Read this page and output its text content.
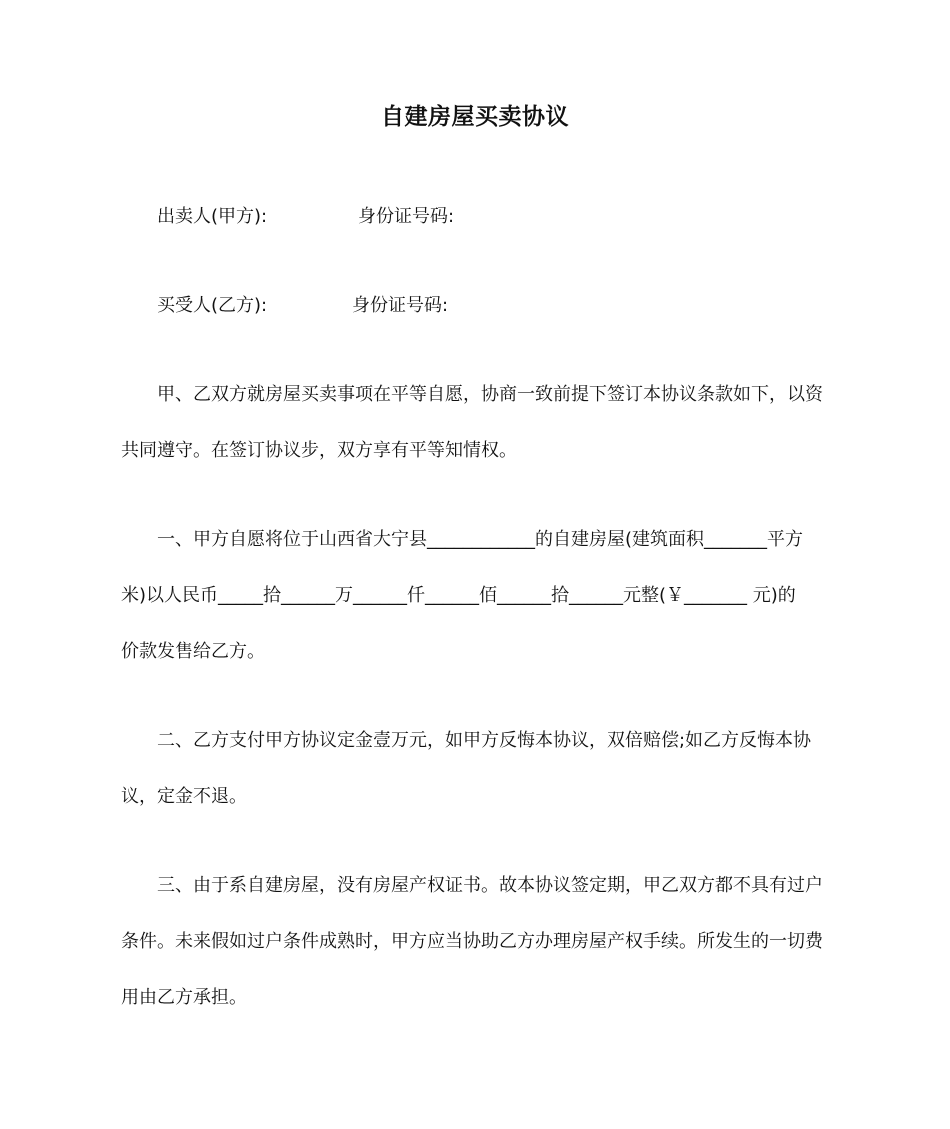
自建房屋买卖协议
出卖人(甲方):	身份证号码:
买受人(乙方):	身份证号码:
甲、乙双方就房屋买卖事项在平等自愿，协商一致前提下签订本协议条款如下，以资
共同遵守。在签订协议步，双方享有平等知情权。
一、甲方自愿将位于山西省大宁县____________的自建房屋(建筑面积_______平方
米)以人民币_____拾______万______仟______佰______拾______元整(￥_______ 元)的
价款发售给乙方。
二、乙方支付甲方协议定金壹万元，如甲方反悔本协议，双倍赔偿;如乙方反悔本协
议，定金不退。
三、由于系自建房屋，没有房屋产权证书。故本协议签定期，甲乙双方都不具有过户
条件。未来假如过户条件成熟时，甲方应当协助乙方办理房屋产权手续。所发生的一切费
用由乙方承担。
